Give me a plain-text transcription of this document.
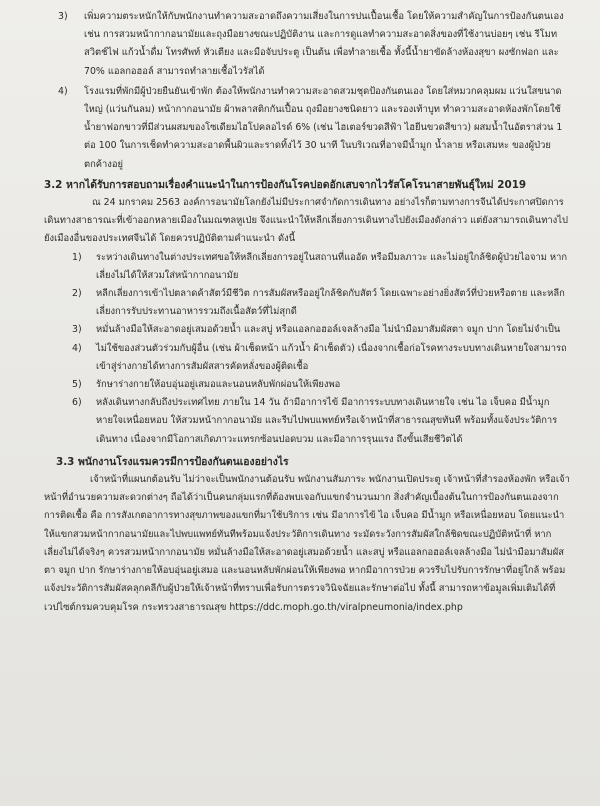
3) เพิ่มความตระหนักให้กับพนักงานทำความสะอาดถึงความเสี่ยงในการปนเปื้อนเชื้อ โดยให้ความสำคัญในการป้องกันตนเอง เช่น การสวมหน้ากากอนามัยและถุงมือยางขณะปฏิบัติงาน และการดูแลทำความสะอาดสิ่งของที่ใช้งานบ่อยๆ เช่น รีโมท สวิตช์ไฟ แก้วน้ำดื่ม โทรศัพท์ หัวเตียง และมือจับประตู เป็นต้น เพื่อทำลายเชื้อ ทั้งนี้น้ำยาขัดล้างห้องสุขา ผงซักฟอก และ 70% แอลกอฮอล์ สามารถทำลายเชื้อไวรัสได้

4) โรงแรมที่พักมีผู้ป่วยยืนยันเข้าพัก ต้องให้พนักงานทำความสะอาดสวมชุดป้องกันตนเอง โดยใส่หมวกคลุมผม แว่นใสขนาดใหญ่ (แว่นกันลม) หน้ากากอนามัย ผ้าพลาสติกกันเปื้อน ถุงมือยางชนิดยาว และรองเท้าบูท ทำความสะอาดห้องพักโดยใช้น้ำยาฟอกขาวที่มีส่วนผสมของโซเดียมไฮโปคลอไรด์ 6% (เช่น ไฮเตอร์ขวดสีฟ้า ไฮยีนขวดสีขาว) ผสมน้ำในอัตราส่วน 1 ต่อ 100 ในการเช็ดทำความสะอาดพื้นผิวและราดทิ้งไว้ 30 นาที ในบริเวณที่อาจมีน้ำมูก น้ำลาย หรือเสมหะ ของผู้ป่วยตกค้างอยู่

3.2 หากได้รับการสอบถามเรื่องคำแนะนำในการป้องกันโรคปอดอักเสบจากไวรัสโคโรนาสายพันธุ์ใหม่ 2019

ณ 24 มกราคม 2563 องค์การอนามัยโลกยังไม่มีประกาศจำกัดการเดินทาง อย่างไรก็ตามทางการจีนได้ประกาศปิดการเดินทางสาธารณะที่เข้าออกหลายเมืองในมณฑลหูเป่ย จึงแนะนำให้หลีกเลี่ยงการเดินทางไปยังเมืองดังกล่าว แต่ยังสามารถเดินทางไปยังเมืองอื่นของประเทศจีนได้ โดยควรปฏิบัติตามคำแนะนำ ดังนี้

1) ระหว่างเดินทางในต่างประเทศขอให้หลีกเลี่ยงการอยู่ในสถานที่แออัด หรือมีมลภาวะ และไม่อยู่ใกล้ชิดผู้ป่วยไอจาม หากเลี่ยงไม่ได้ให้สวมใส่หน้ากากอนามัย

2) หลีกเลี่ยงการเข้าไปตลาดค้าสัตว์มีชีวิต การสัมผัสหรืออยู่ใกล้ชิดกับสัตว์ โดยเฉพาะอย่างยิ่งสัตว์ที่ป่วยหรือตาย และหลีกเลี่ยงการรับประทานอาหารรวมถึงเนื้อสัตว์ที่ไม่สุกดี

3) หมั่นล้างมือให้สะอาดอยู่เสมอด้วยน้ำ และสบู่ หรือแอลกอฮอล์เจลล้างมือ ไม่นำมือมาสัมผัสตา จมูก ปาก โดยไม่จำเป็น

4) ไม่ใช้ของส่วนตัวร่วมกับผู้อื่น (เช่น ผ้าเช็ดหน้า แก้วน้ำ ผ้าเช็ดตัว) เนื่องจากเชื้อก่อโรคทางระบบทางเดินหายใจสามารถเข้าสู่ร่างกายได้ทางการสัมผัสสารคัดหลั่งของผู้ติดเชื้อ

5) รักษาร่างกายให้อบอุ่นอยู่เสมอและนอนหลับพักผ่อนให้เพียงพอ

6) หลังเดินทางกลับถึงประเทศไทย ภายใน 14 วัน ถ้ามีอาการไข้ มีอาการระบบทางเดินหายใจ เช่น ไอ เจ็บคอ มีน้ำมูก หายใจเหนื่อยหอบ ให้สวมหน้ากากอนามัย และรีบไปพบแพทย์หรือเจ้าหน้าที่สาธารณสุขทันที พร้อมทั้งแจ้งประวัติการเดินทาง เนื่องจากมีโอกาสเกิดภาวะแทรกซ้อนปอดบวม และมีอาการรุนแรง ถึงขั้นเสียชีวิตได้

3.3 พนักงานโรงแรมควรมีการป้องกันตนเองอย่างไร

เจ้าหน้าที่แผนกต้อนรับ ไม่ว่าจะเป็นพนักงานต้อนรับ พนักงานสัมภาระ พนักงานเปิดประตู เจ้าหน้าที่สำรองห้องพัก หรือเจ้าหน้าที่อำนวยความสะดวกต่างๆ ถือได้ว่าเป็นคนกลุ่มแรกที่ต้องพบเจอกับแขกจำนวนมาก สิ่งสำคัญเบื้องต้นในการป้องกันตนเองจากการติดเชื้อ คือ การสังเกตอาการทางสุขภาพของแขกที่มาใช้บริการ เช่น มีอาการไข้ ไอ เจ็บคอ มีน้ำมูก หรือเหนื่อยหอบ โดยแนะนำให้แขกสวมหน้ากากอนามัยและไปพบแพทย์ทันทีพร้อมแจ้งประวัติการเดินทาง ระมัดระวังการสัมผัสใกล้ชิดขณะปฏิบัติหน้าที่ หากเลี่ยงไม่ได้จริงๆ ควรสวมหน้ากากอนามัย หมั่นล้างมือให้สะอาดอยู่เสมอด้วยน้ำ และสบู่ หรือแอลกอฮอล์เจลล้างมือ ไม่นำมือมาสัมผัสตา จมูก ปาก รักษาร่างกายให้อบอุ่นอยู่เสมอ และนอนหลับพักผ่อนให้เพียงพอ หากมีอาการป่วย ควรรีบไปรับการรักษาที่อยู่ใกล้ พร้อมแจ้งประวัติการสัมผัสคลุกคลีกับผู้ป่วยให้เจ้าหน้าที่ทราบเพื่อรับการตรวจวินิจฉัยและรักษาต่อไป ทั้งนี้ สามารถหาข้อมูลเพิ่มเติมได้ที่ เวปไซต์กรมควบคุมโรค กระทรวงสาธารณสุข https://ddc.moph.go.th/viralpneumonia/index.php
